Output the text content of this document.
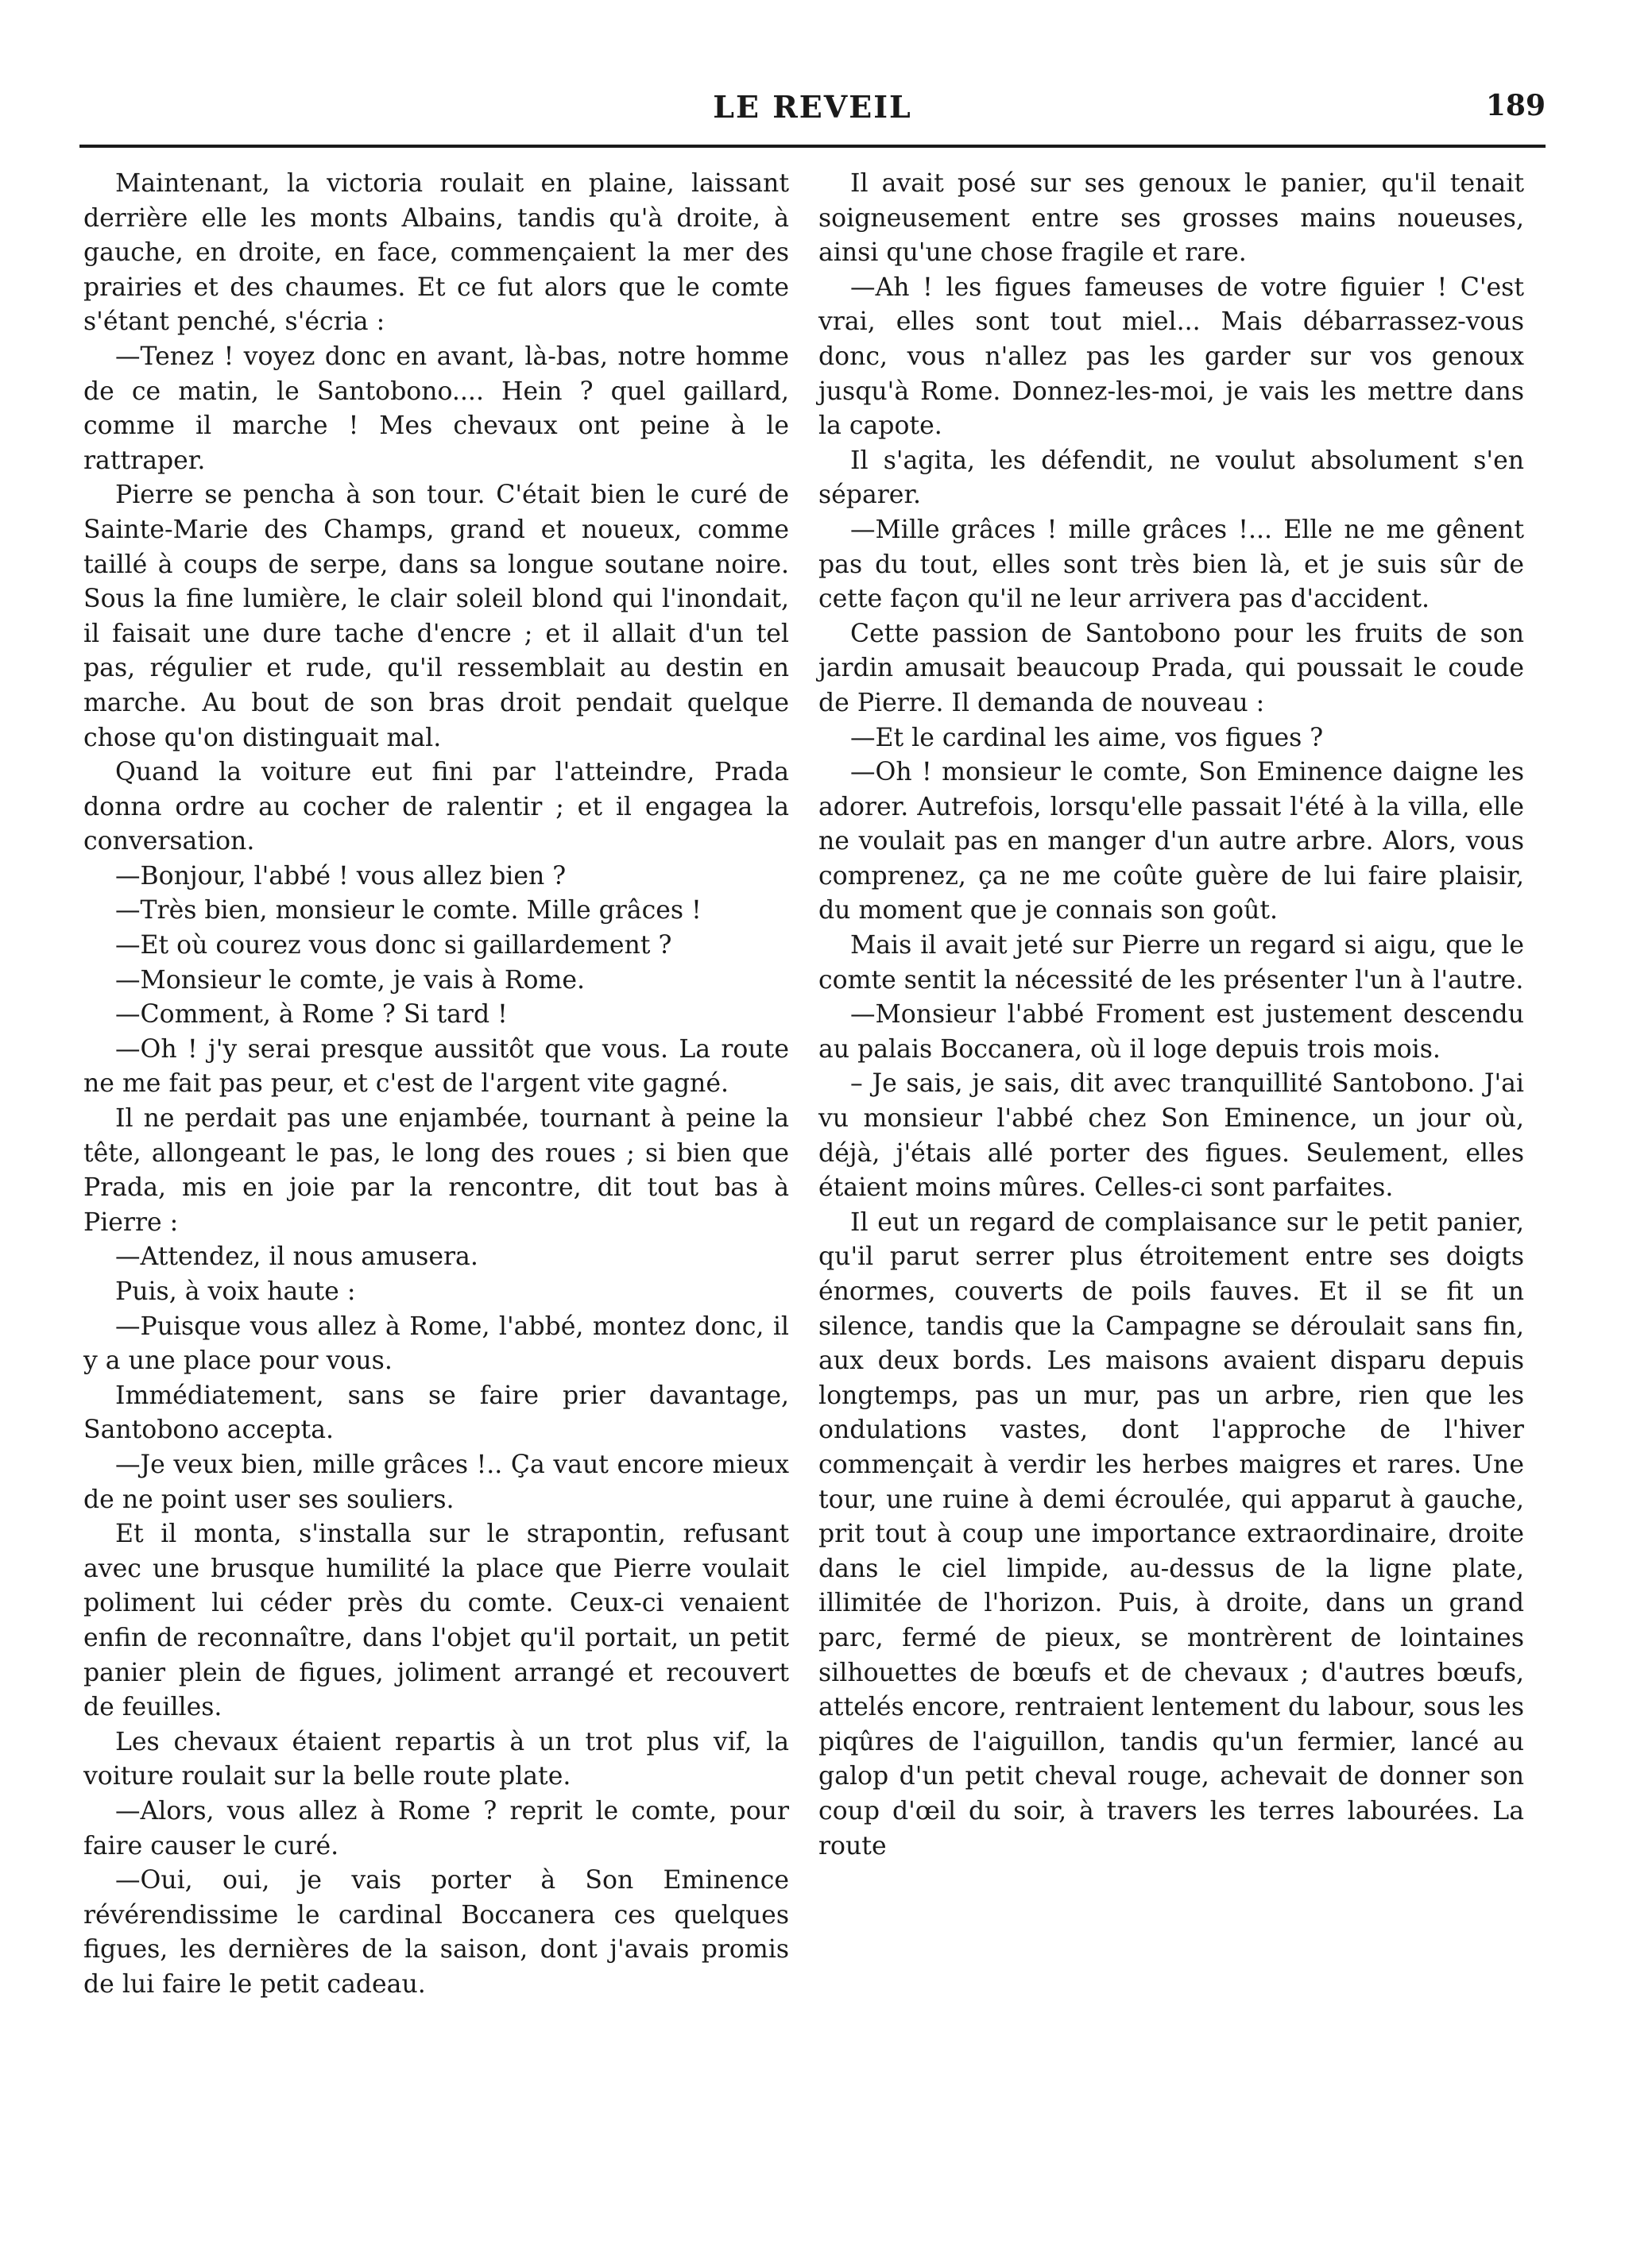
LE REVEIL	189

Maintenant, la victoria roulait en plaine, laissant derrière elle les monts Albains, tandis qu'à droite, à gauche, en droite, en face, commençaient la mer des prairies et des chaumes. Et ce fut alors que le comte s'étant penché, s'écria :

—Tenez ! voyez donc en avant, là-bas, notre homme de ce matin, le Santobono.... Hein ? quel gaillard, comme il marche ! Mes chevaux ont peine à le rattraper.

Pierre se pencha à son tour. C'était bien le curé de Sainte-Marie des Champs, grand et noueux, comme taillé à coups de serpe, dans sa longue soutane noire. Sous la fine lumière, le clair soleil blond qui l'inondait, il faisait une dure tache d'encre ; et il allait d'un tel pas, régulier et rude, qu'il ressemblait au destin en marche. Au bout de son bras droit pendait quelque chose qu'on distinguait mal.

Quand la voiture eut fini par l'atteindre, Prada donna ordre au cocher de ralentir ; et il engagea la conversation.

—Bonjour, l'abbé ! vous allez bien ?

—Très bien, monsieur le comte. Mille grâces !

—Et où courez vous donc si gaillardement ?

—Monsieur le comte, je vais à Rome.

—Comment, à Rome ? Si tard !

—Oh ! j'y serai presque aussitôt que vous. La route ne me fait pas peur, et c'est de l'argent vite gagné.

Il ne perdait pas une enjambée, tournant à peine la tête, allongeant le pas, le long des roues ; si bien que Prada, mis en joie par la rencontre, dit tout bas à Pierre :

—Attendez, il nous amusera.

Puis, à voix haute :

—Puisque vous allez à Rome, l'abbé, montez donc, il y a une place pour vous.

Immédiatement, sans se faire prier davantage, Santobono accepta.

—Je veux bien, mille grâces !.. Ça vaut encore mieux de ne point user ses souliers.

Et il monta, s'installa sur le strapontin, refusant avec une brusque humilité la place que Pierre voulait poliment lui céder près du comte. Ceux-ci venaient enfin de reconnaître, dans l'objet qu'il portait, un petit panier plein de figues, joliment arrangé et recouvert de feuilles.

Les chevaux étaient repartis à un trot plus vif, la voiture roulait sur la belle route plate.

—Alors, vous allez à Rome ? reprit le comte, pour faire causer le curé.

—Oui, oui, je vais porter à Son Eminence révérendissime le cardinal Boccanera ces quelques figues, les dernières de la saison, dont j'avais promis de lui faire le petit cadeau.

Il avait posé sur ses genoux le panier, qu'il tenait soigneusement entre ses grosses mains noueuses, ainsi qu'une chose fragile et rare.

—Ah ! les figues fameuses de votre figuier ! C'est vrai, elles sont tout miel... Mais débarrassez-vous donc, vous n'allez pas les garder sur vos genoux jusqu'à Rome. Donnez-les-moi, je vais les mettre dans la capote.

Il s'agita, les défendit, ne voulut absolument s'en séparer.

—Mille grâces ! mille grâces !... Elle ne me gênent pas du tout, elles sont très bien là, et je suis sûr de cette façon qu'il ne leur arrivera pas d'accident.

Cette passion de Santobono pour les fruits de son jardin amusait beaucoup Prada, qui poussait le coude de Pierre. Il demanda de nouveau :

—Et le cardinal les aime, vos figues ?

—Oh ! monsieur le comte, Son Eminence daigne les adorer. Autrefois, lorsqu'elle passait l'été à la villa, elle ne voulait pas en manger d'un autre arbre. Alors, vous comprenez, ça ne me coûte guère de lui faire plaisir, du moment que je connais son goût.

Mais il avait jeté sur Pierre un regard si aigu, que le comte sentit la nécessité de les présenter l'un à l'autre.

—Monsieur l'abbé Froment est justement descendu au palais Boccanera, où il loge depuis trois mois.

– Je sais, je sais, dit avec tranquillité Santobono. J'ai vu monsieur l'abbé chez Son Eminence, un jour où, déjà, j'étais allé porter des figues. Seulement, elles étaient moins mûres. Celles-ci sont parfaites.

Il eut un regard de complaisance sur le petit panier, qu'il parut serrer plus étroitement entre ses doigts énormes, couverts de poils fauves. Et il se fit un silence, tandis que la Campagne se déroulait sans fin, aux deux bords. Les maisons avaient disparu depuis longtemps, pas un mur, pas un arbre, rien que les ondulations vastes, dont l'approche de l'hiver commençait à verdir les herbes maigres et rares. Une tour, une ruine à demi écroulée, qui apparut à gauche, prit tout à coup une importance extraordinaire, droite dans le ciel limpide, au-dessus de la ligne plate, illimitée de l'horizon. Puis, à droite, dans un grand parc, fermé de pieux, se montrèrent de lointaines silhouettes de bœufs et de chevaux ; d'autres bœufs, attelés encore, rentraient lentement du labour, sous les piqûres de l'aiguillon, tandis qu'un fermier, lancé au galop d'un petit cheval rouge, achevait de donner son coup d'œil du soir, à travers les terres labourées. La route
